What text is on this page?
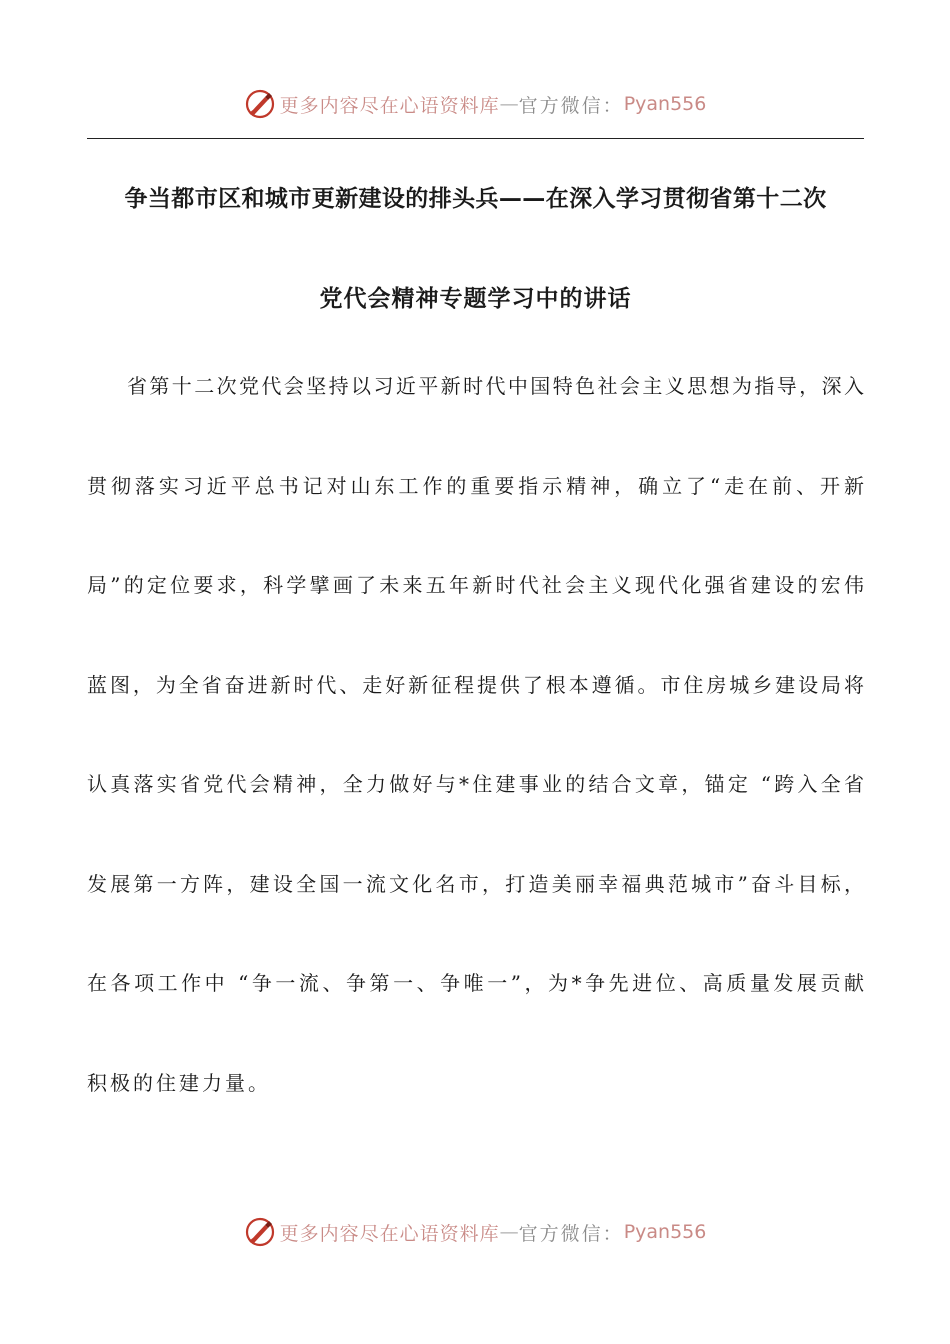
更多内容尽在心语资料库 — 官方微信： Pyan556
争当都市区和城市更新建设的排头兵——在深入学习贯彻省第十二次
党代会精神专题学习中的讲话
省第十二次党代会坚持以习近平新时代中国特色社会主义思想为指导，深入
贯彻落实习近平总书记对山东工作的重要指示精神，确立了“走在前、开新
局”的定位要求，科学擘画了未来五年新时代社会主义现代化强省建设的宏伟
蓝图，为全省奋进新时代、走好新征程提供了根本遵循。市住房城乡建设局将
认真落实省党代会精神，全力做好与*住建事业的结合文章，锚定 “跨入全省
发展第一方阵，建设全国一流文化名市，打造美丽幸福典范城市”奋斗目标，
在各项工作中 “争一流、争第一、争唯一”，为*争先进位、高质量发展贡献
积极的住建力量。
更多内容尽在心语资料库 — 官方微信： Pyan556
